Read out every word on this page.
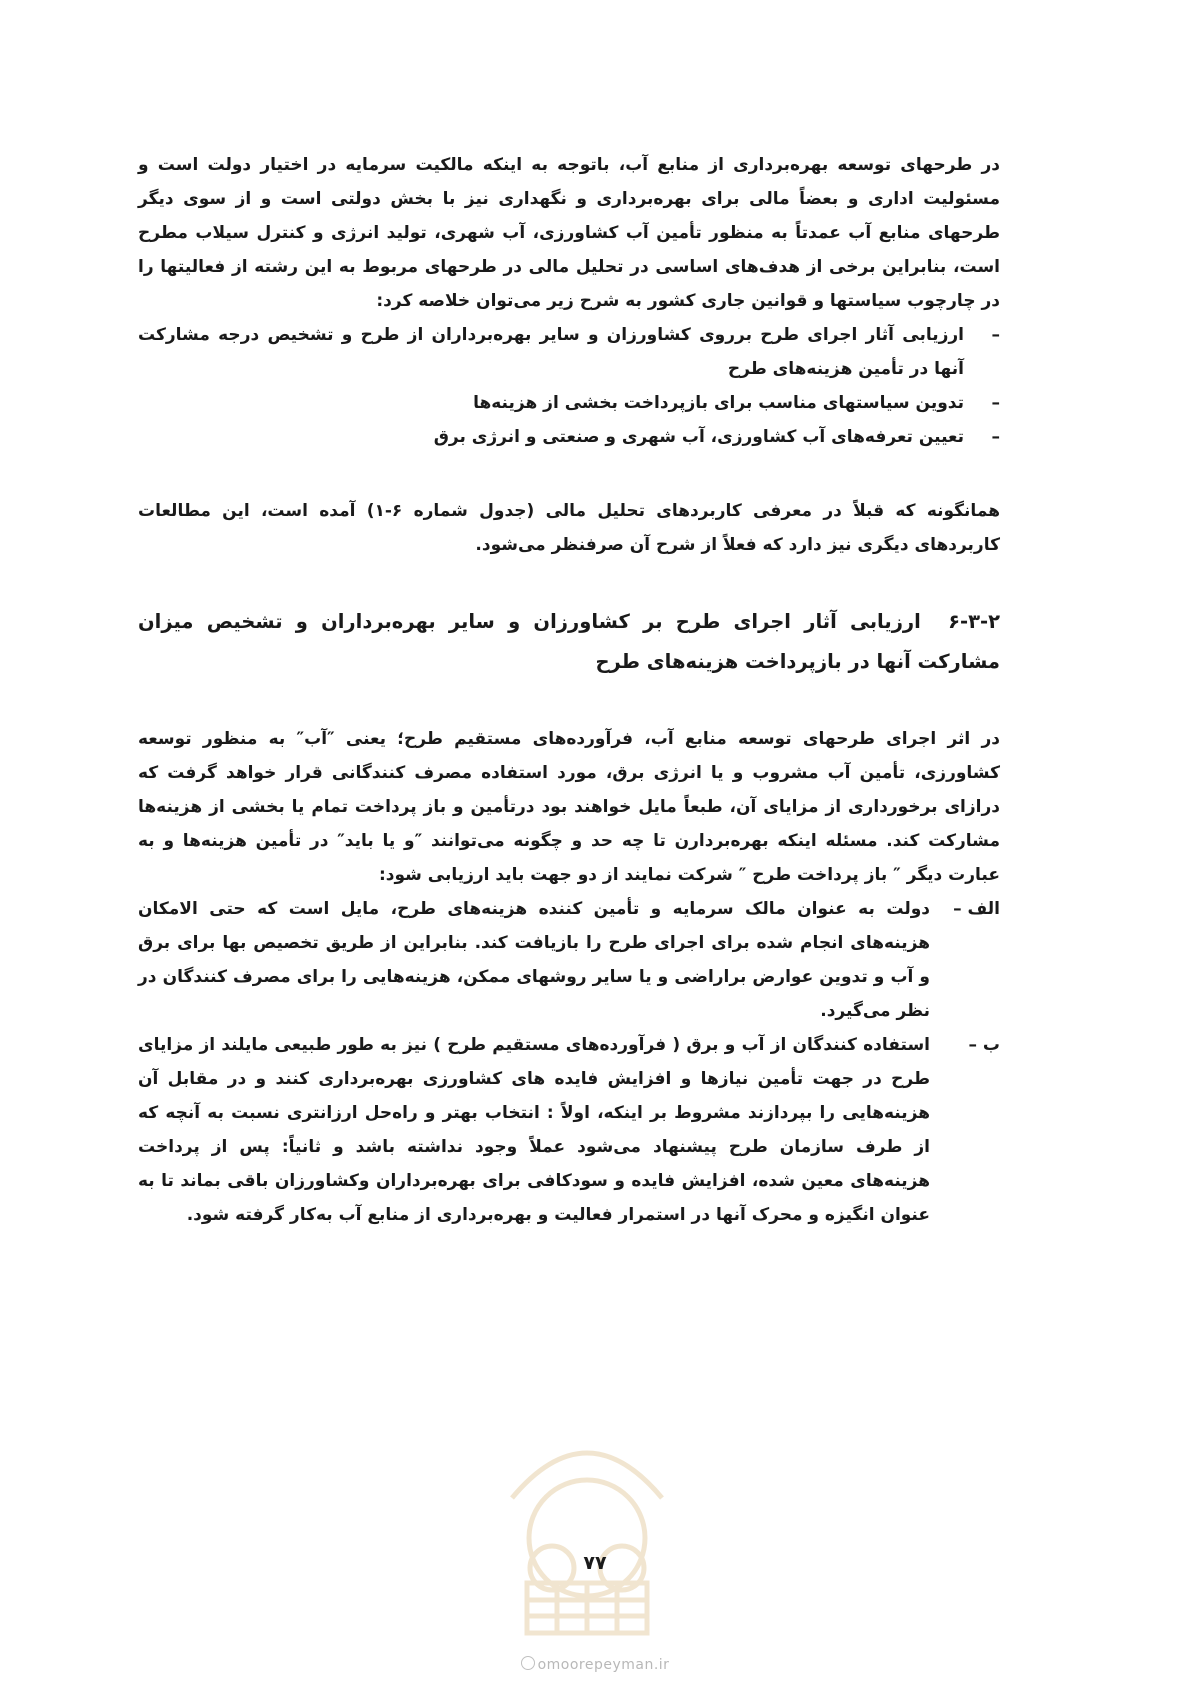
در طرحهای توسعه بهره‌برداری از منابع آب، باتوجه به اینکه مالکیت سرمایه در اختیار دولت است و مسئولیت اداری و بعضاً مالی برای بهره‌برداری و نگهداری نیز با بخش دولتی است و از سوی دیگر طرحهای منابع آب عمدتاً به منظور تأمین آب کشاورزی، آب شهری، تولید انرژی و کنترل سیلاب مطرح است، بنابراین برخی از هدف‌های اساسی در تحلیل مالی در طرحهای مربوط به این رشته از فعالیتها را در چارچوب سیاستها و قوانین جاری کشور به شرح زیر می‌توان خلاصه کرد:

– ارزیابی آثار اجرای طرح برروی کشاورزان و سایر بهره‌برداران از طرح و تشخیص درجه مشارکت آنها در تأمین هزینه‌های طرح
– تدوین سیاستهای مناسب برای بازپرداخت بخشی از هزینه‌ها
– تعیین تعرفه‌های آب کشاورزی، آب شهری و صنعتی و انرژی برق

همانگونه که قبلاً در معرفی کاربردهای تحلیل مالی (جدول شماره ۶-۱) آمده است، این مطالعات کاربردهای دیگری نیز دارد که فعلاً از شرح آن صرفنظر می‌شود.

۶-۳-۲ ارزیابی آثار اجرای طرح بر کشاورزان و سایر بهره‌برداران و تشخیص میزان مشارکت آنها در بازپرداخت هزینه‌های طرح

در اثر اجرای طرحهای توسعه منابع آب، فرآورده‌های مستقیم طرح؛ یعنی ″آب″ به منظور توسعه کشاورزی، تأمین آب مشروب و یا انرژی برق، مورد استفاده مصرف کنندگانی قرار خواهد گرفت که درازای برخورداری از مزایای آن، طبعاً مایل خواهند بود درتأمین و باز پرداخت تمام یا بخشی از هزینه‌ها مشارکت کند. مسئله اینکه بهره‌بردارن تا چه حد و چگونه می‌توانند ″و یا باید″ در تأمین هزینه‌ها و به عبارت دیگر ″ باز پرداخت طرح ″ شرکت نمایند از دو جهت باید ارزیابی شود:

الف –
دولت به عنوان مالک سرمایه و تأمین کننده هزینه‌های طرح، مایل است که حتی الامکان هزینه‌های انجام شده برای اجرای طرح را بازیافت کند. بنابراین از طریق تخصیص بها برای برق و آب و تدوین عوارض براراضی و یا سایر روشهای ممکن، هزینه‌هایی را برای مصرف کنندگان در نظر می‌گیرد.
ب –
استفاده کنندگان از آب و برق ( فرآورده‌های مستقیم طرح ) نیز به طور طبیعی مایلند از مزایای طرح در جهت تأمین نیازها و افزایش فایده های کشاورزی بهره‌برداری کنند و در مقابل آن هزینه‌هایی را بپردازند مشروط بر اینکه، اولاً : انتخاب بهتر و راه‌حل ارزانتری نسبت به آنچه که از طرف سازمان طرح پیشنهاد می‌شود عملاً وجود نداشته باشد و ثانیاً: پس از پرداخت هزینه‌های معین شده، افزایش فایده و سودکافی برای بهره‌برداران وکشاورزان باقی بماند تا به عنوان انگیزه و محرک آنها در استمرار فعالیت و بهره‌برداری از منابع آب به‌کار گرفته شود.
۷۷
omoorepeyman.ir
